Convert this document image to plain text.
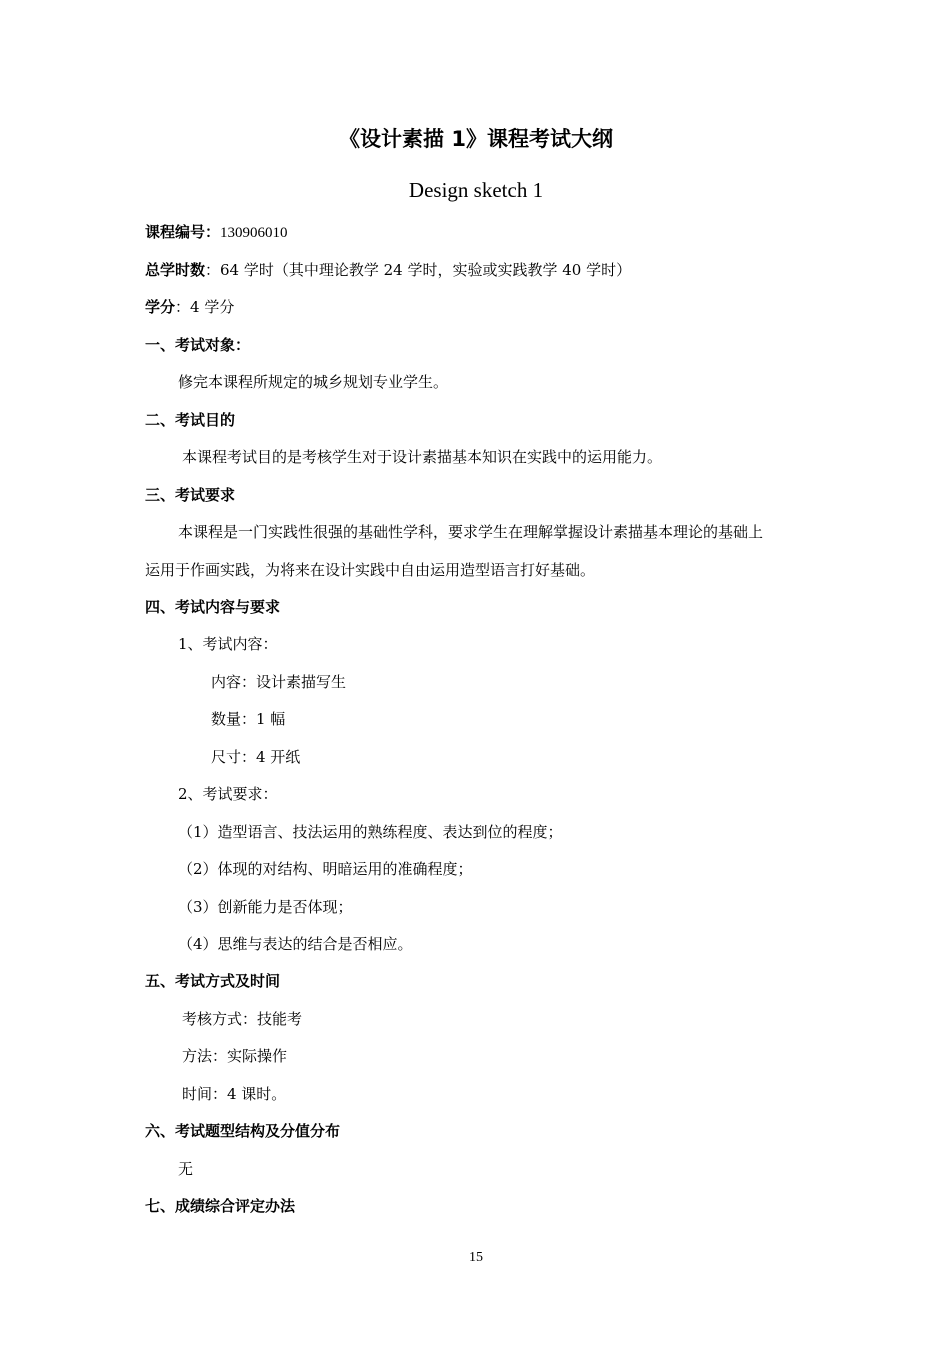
《设计素描 1》课程考试大纲
Design sketch 1
课程编号：130906010
总学时数：64 学时（其中理论教学 24 学时，实验或实践教学 40 学时）
学分：4 学分
一、考试对象：
修完本课程所规定的城乡规划专业学生。
二、考试目的
本课程考试目的是考核学生对于设计素描基本知识在实践中的运用能力。
三、考试要求
本课程是一门实践性很强的基础性学科，要求学生在理解掌握设计素描基本理论的基础上
运用于作画实践，为将来在设计实践中自由运用造型语言打好基础。
四、考试内容与要求
1、考试内容：
内容：设计素描写生
数量：1 幅
尺寸：4 开纸
2、考试要求：
（1）造型语言、技法运用的熟练程度、表达到位的程度；
（2）体现的对结构、明暗运用的准确程度；
（3）创新能力是否体现；
（4）思维与表达的结合是否相应。
五、考试方式及时间
考核方式：技能考
方法：实际操作
时间：4 课时。
六、考试题型结构及分值分布
无
七、成绩综合评定办法
15
